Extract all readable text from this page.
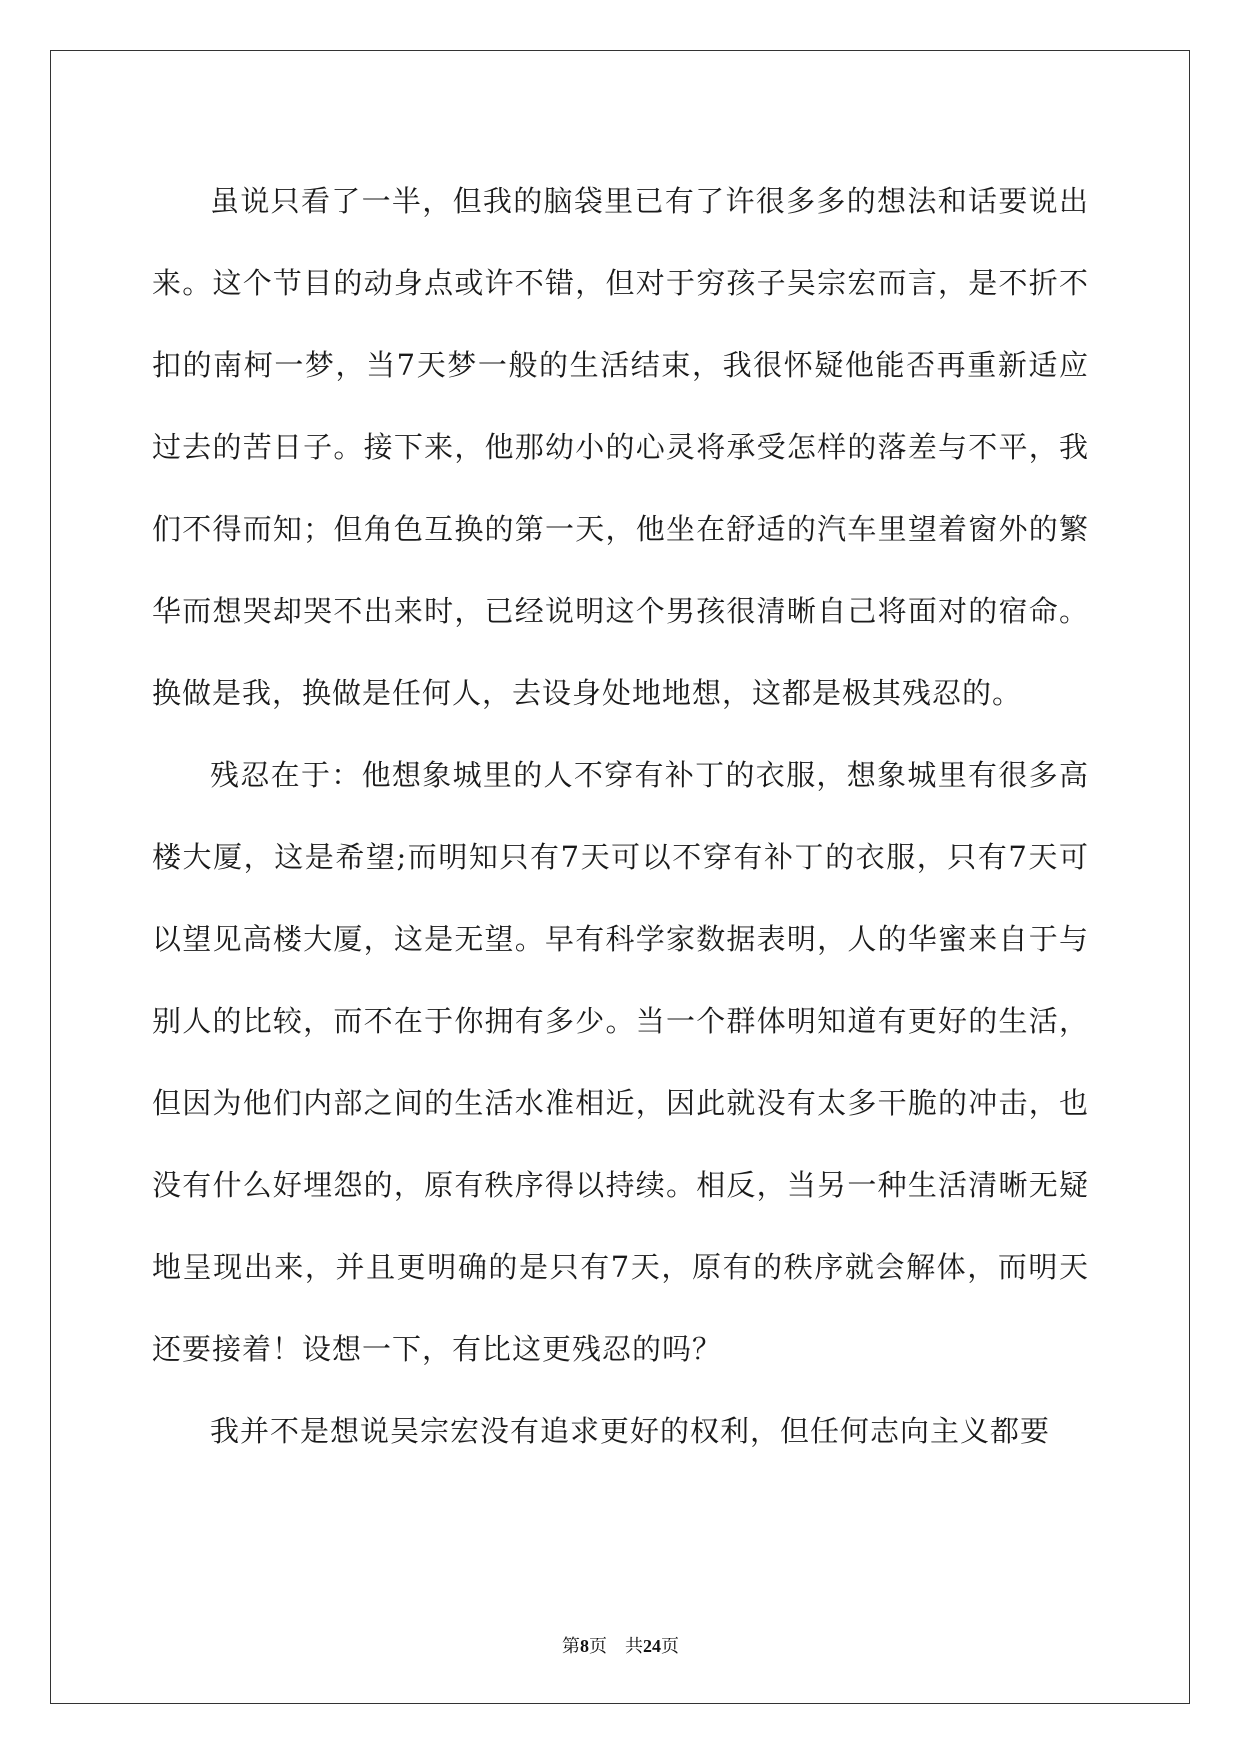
虽说只看了一半，但我的脑袋里已有了许很多多的想法和话要说出来。这个节目的动身点或许不错，但对于穷孩子吴宗宏而言，是不折不扣的南柯一梦，当7天梦一般的生活结束，我很怀疑他能否再重新适应过去的苦日子。接下来，他那幼小的心灵将承受怎样的落差与不平，我们不得而知；但角色互换的第一天，他坐在舒适的汽车里望着窗外的繁华而想哭却哭不出来时，已经说明这个男孩很清晰自己将面对的宿命。换做是我，换做是任何人，去设身处地地想，这都是极其残忍的。

残忍在于：他想象城里的人不穿有补丁的衣服，想象城里有很多高楼大厦，这是希望;而明知只有7天可以不穿有补丁的衣服，只有7天可以望见高楼大厦，这是无望。早有科学家数据表明，人的华蜜来自于与别人的比较，而不在于你拥有多少。当一个群体明知道有更好的生活，但因为他们内部之间的生活水准相近，因此就没有太多干脆的冲击，也没有什么好埋怨的，原有秩序得以持续。相反，当另一种生活清晰无疑地呈现出来，并且更明确的是只有7天，原有的秩序就会解体，而明天还要接着！设想一下，有比这更残忍的吗？

我并不是想说吴宗宏没有追求更好的权利，但任何志向主义都要

第8页 共24页
